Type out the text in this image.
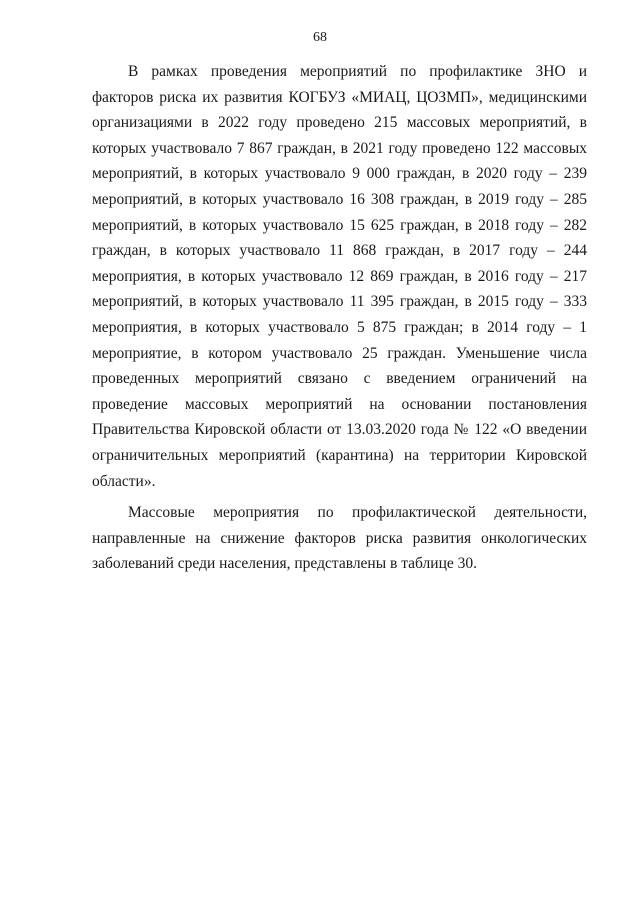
68

В рамках проведения мероприятий по профилактике ЗНО и факторов риска их развития КОГБУЗ «МИАЦ, ЦОЗМП», медицинскими организациями в 2022 году проведено 215 массовых мероприятий, в которых участвовало 7 867 граждан, в 2021 году проведено 122 массовых мероприятий, в которых участвовало 9 000 граждан, в 2020 году – 239 мероприятий, в которых участвовало 16 308 граждан, в 2019 году – 285 мероприятий, в которых участвовало 15 625 граждан, в 2018 году – 282 граждан, в которых участвовало 11 868 граждан, в 2017 году – 244 мероприятия, в которых участвовало 12 869 граждан, в 2016 году – 217 мероприятий, в которых участвовало 11 395 граждан, в 2015 году – 333 мероприятия, в которых участвовало 5 875 граждан; в 2014 году – 1 мероприятие, в котором участвовало 25 граждан. Уменьшение числа проведенных мероприятий связано с введением ограничений на проведение массовых мероприятий на основании постановления Правительства Кировской области от 13.03.2020 года № 122 «О введении ограничительных мероприятий (карантина) на территории Кировской области».

Массовые мероприятия по профилактической деятельности, направленные на снижение факторов риска развития онкологических заболеваний среди населения, представлены в таблице 30.
